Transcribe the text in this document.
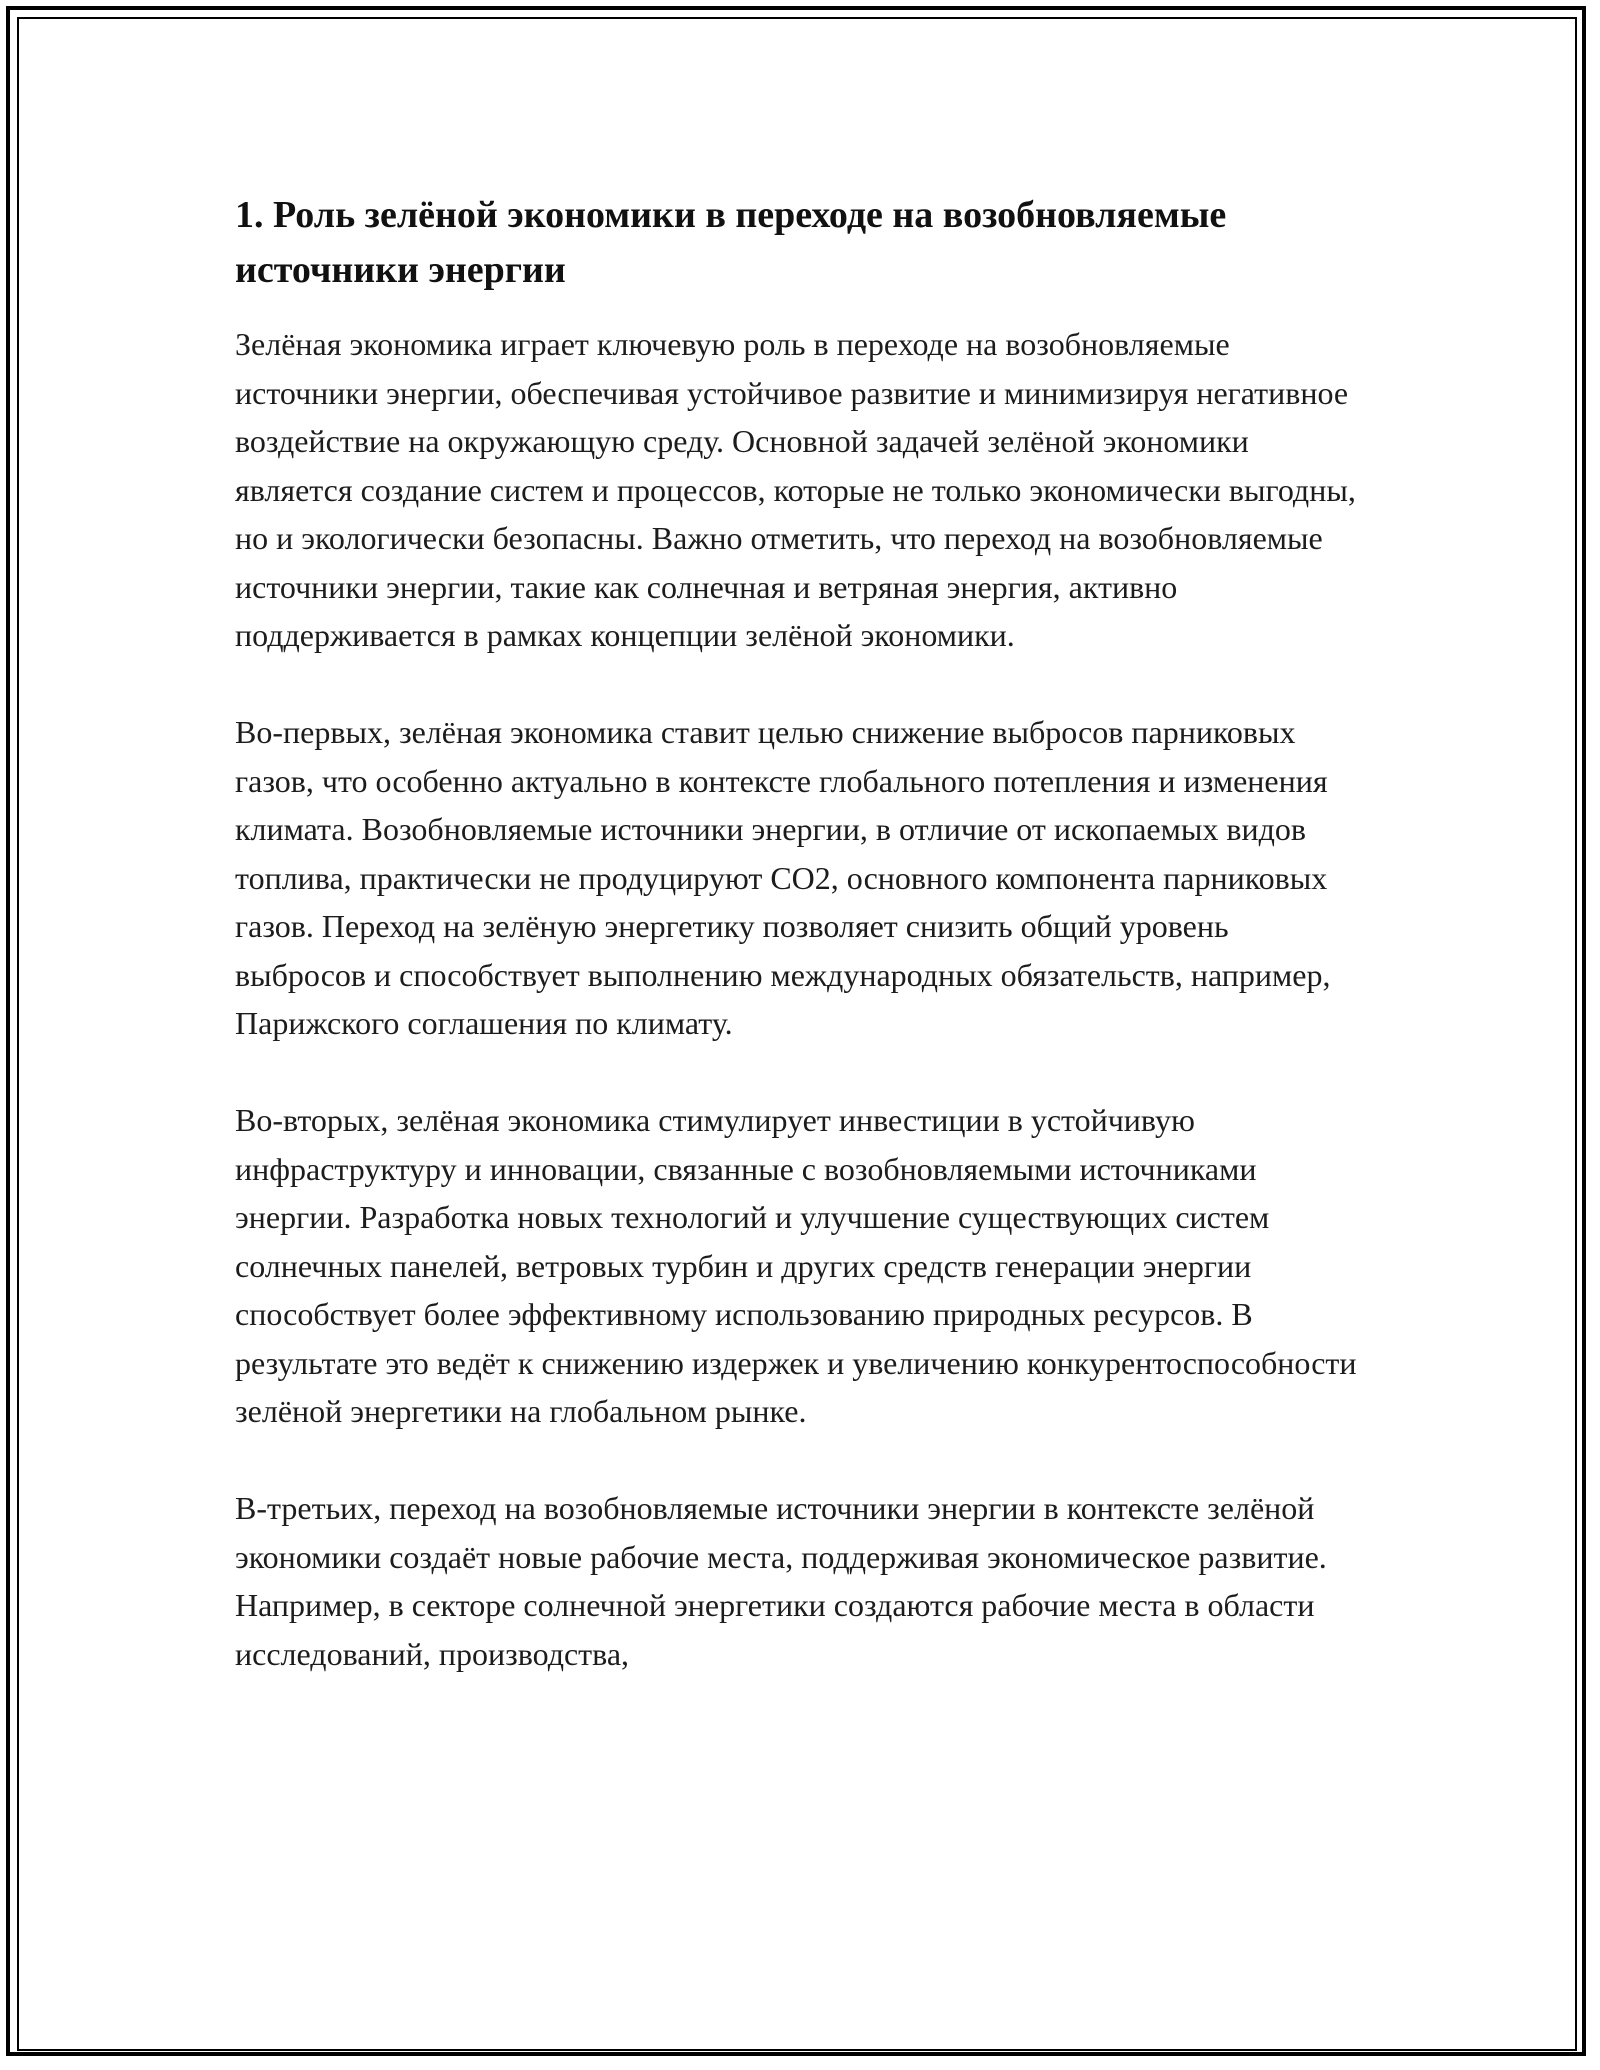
1. Роль зелёной экономики в переходе на возобновляемые источники энергии

Зелёная экономика играет ключевую роль в переходе на возобновляемые источники энергии, обеспечивая устойчивое развитие и минимизируя негативное воздействие на окружающую среду. Основной задачей зелёной экономики является создание систем и процессов, которые не только экономически выгодны, но и экологически безопасны. Важно отметить, что переход на возобновляемые источники энергии, такие как солнечная и ветряная энергия, активно поддерживается в рамках концепции зелёной экономики.

Во-первых, зелёная экономика ставит целью снижение выбросов парниковых газов, что особенно актуально в контексте глобального потепления и изменения климата. Возобновляемые источники энергии, в отличие от ископаемых видов топлива, практически не продуцируют CO2, основного компонента парниковых газов. Переход на зелёную энергетику позволяет снизить общий уровень выбросов и способствует выполнению международных обязательств, например, Парижского соглашения по климату.

Во-вторых, зелёная экономика стимулирует инвестиции в устойчивую инфраструктуру и инновации, связанные с возобновляемыми источниками энергии. Разработка новых технологий и улучшение существующих систем солнечных панелей, ветровых турбин и других средств генерации энергии способствует более эффективному использованию природных ресурсов. В результате это ведёт к снижению издержек и увеличению конкурентоспособности зелёной энергетики на глобальном рынке.

В-третьих, переход на возобновляемые источники энергии в контексте зелёной экономики создаёт новые рабочие места, поддерживая экономическое развитие. Например, в секторе солнечной энергетики создаются рабочие места в области исследований, производства,
